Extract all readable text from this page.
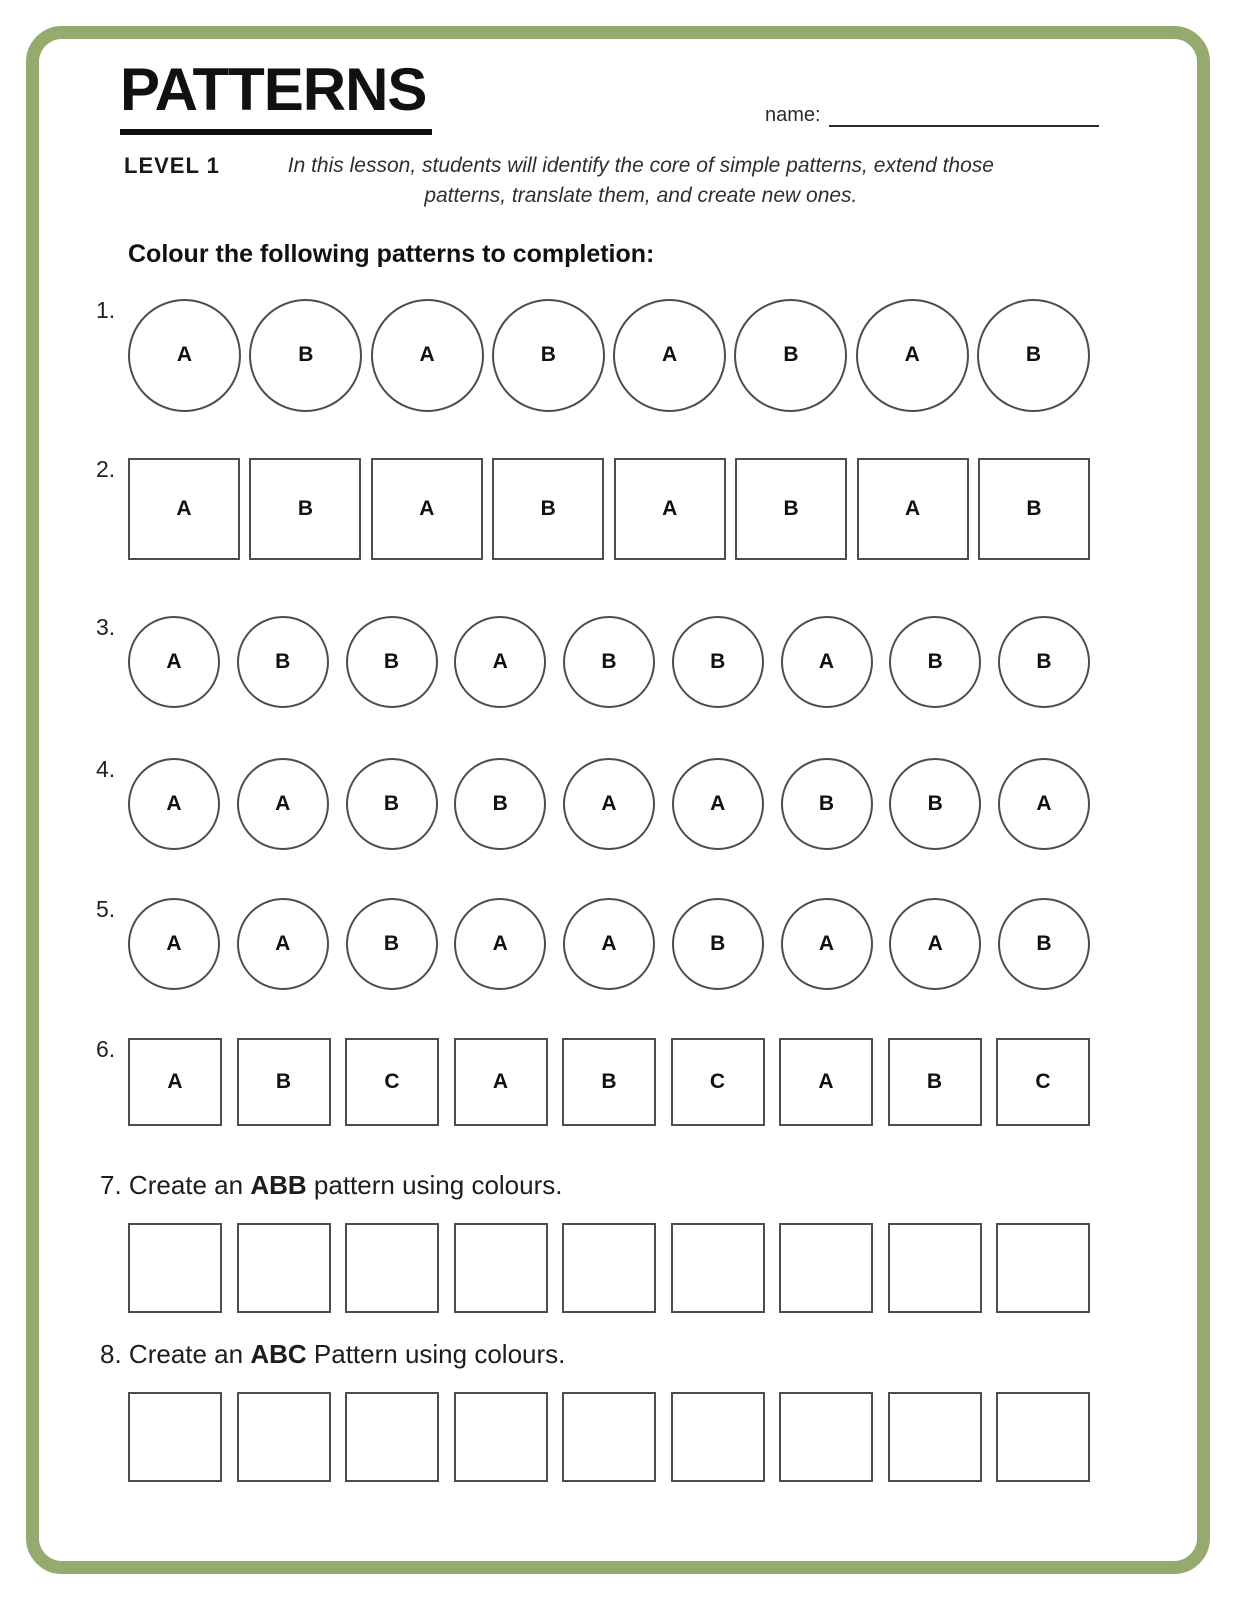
PATTERNS	name:
LEVEL 1	In this lesson, students will identify the core of simple patterns, extend those
patterns, translate them, and create new ones.
Colour the following patterns to completion:
1.
A	B	A	B	A	B	A	B
2.
A	B	A	B	A	B	A	B
3.
A	B	B	A	B	B	A	B	B
4.
A	A	B	B	A	A	B	B	A
5.
A	A	B	A	A	B	A	A	B
6.
A	B	C	A	B	C	A	B	C

7. Create an ABB pattern using colours.

8. Create an ABC Pattern using colours.
